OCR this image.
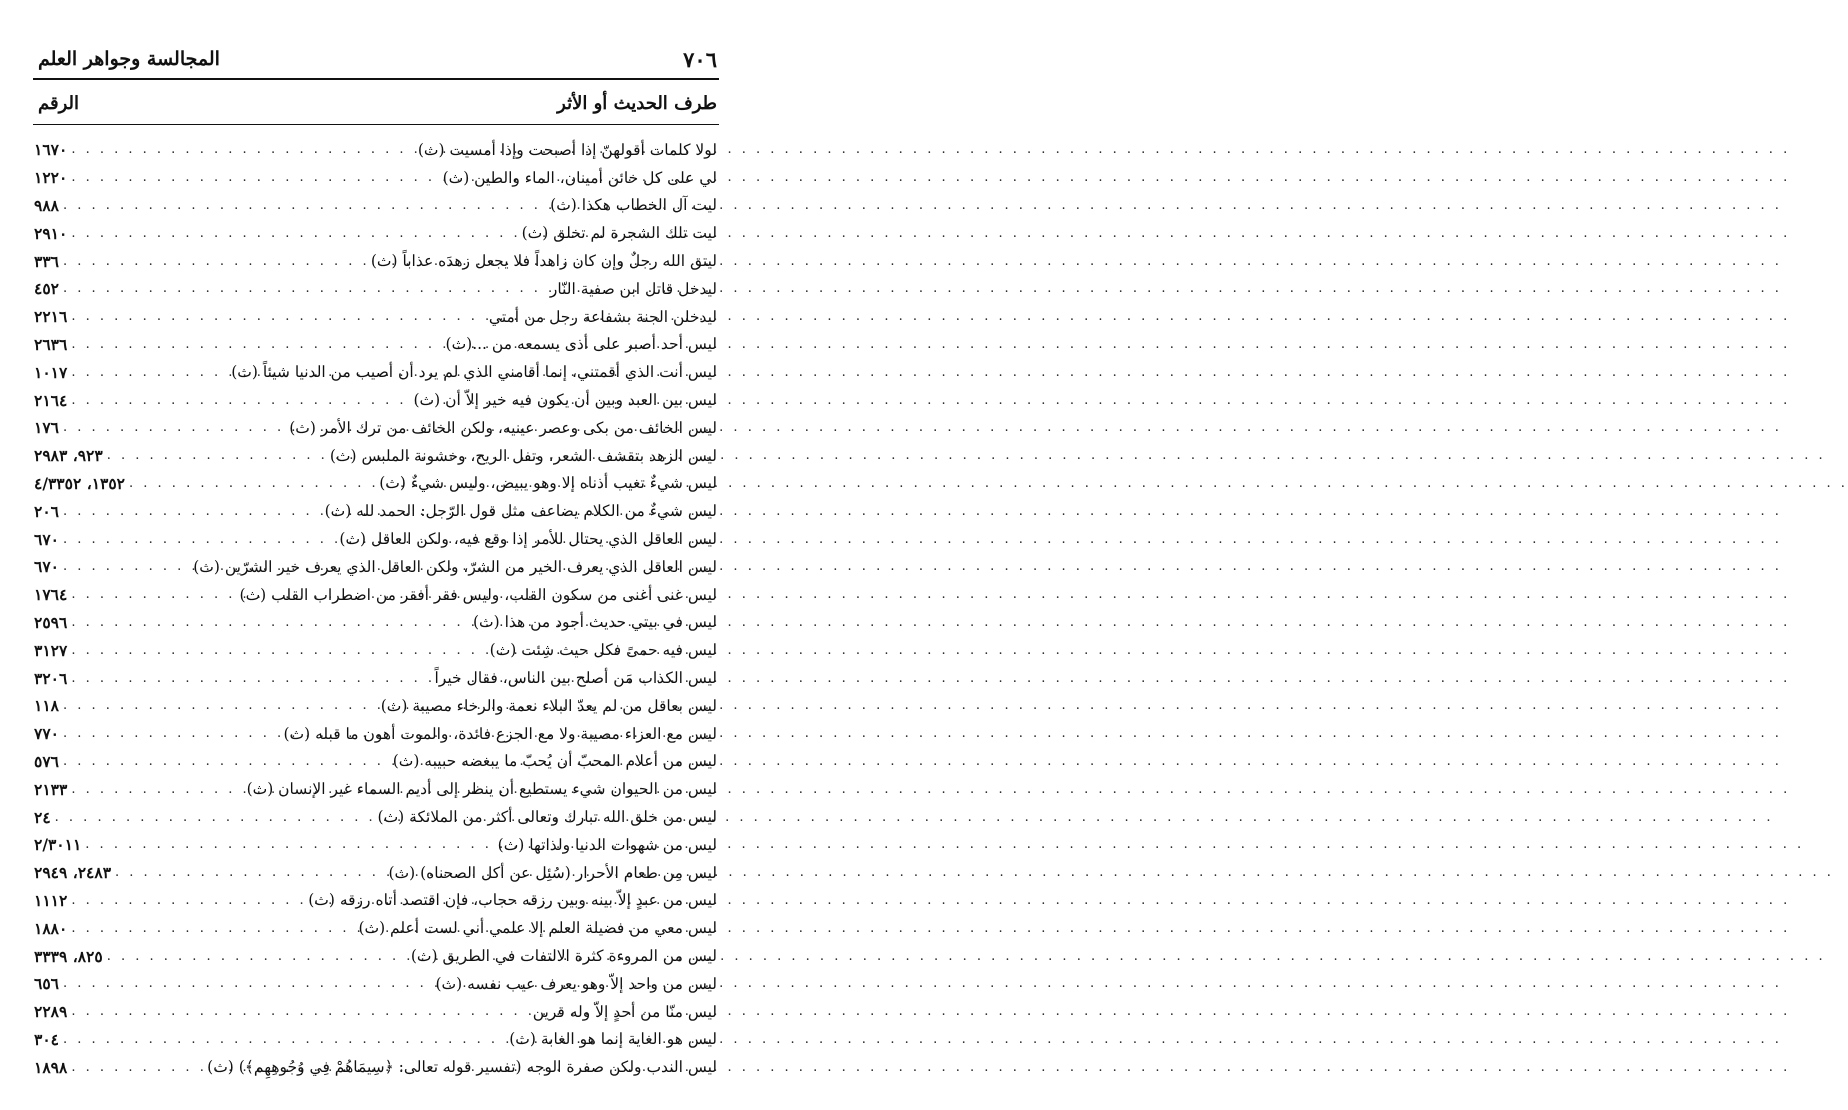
المجالسة وجواهر العلم	٧٠٦
الرقم	طرف الحديث أو الأثر
لولا كلمات أقولهنّ إذا أصبحت وإذا أمسيت (ث)
. . .
١٦٧٠
لي على كل خائن أمينان، الماء والطين (ث)
. . .
١٢٢٠
ليت آل الخطاب هكذا (ث)
. . .
٩٨٨
ليت تلك الشجرة لم تخلق (ث)
. . .
٢٩١٠
ليتق الله رجلٌ وإن كان زاهداً فلا يجعل زهدَه عذاباً (ث)
. . .
٣٣٦
ليدخل قاتل ابن صفية النّار
. . .
٤٥٢
ليدخلن الجنة بشفاعة رجل من أمتي
. . .
٢٢١٦
ليس أحد أصبر على أذى يسمعه من ...(ث)
. . .
٢٦٣٦
ليس أنت الذي أقمتني، إنما أقامني الذي لم يرد أن أصيب من الدنيا شيئاً (ث)
. . .
١٠١٧
ليس بين العبد وبين أن يكون فيه خير إلاّ أن (ث)
. . .
٢١٦٤
ليس الخائف من بكى وعصر عينيه، ولكن الخائف من ترك الأمر (ث)
. . .
١٧٦
ليس الزهد بتقشف الشعر، وتفل الريح، وخشونة الملبس (ث)
. . .
٩٢٣، ٢٩٨٣
ليس شيءٌ تغيب أذناه إلا وهو يبيض، وليس شيءٌ (ث)
. . .
١٣٥٢، ٤/٣٣٥٢
ليس شيءٌ من الكلام يضاعف مثل قول الرّجل: الحمد لله (ث)
. . .
٢٠٦
ليس العاقل الذي يحتال للأمر إذا وقع فيه، ولكن العاقل (ث)
. . .
٦٧٠
ليس العاقل الذي يعرف الخير من الشرّ، ولكن العاقل الذي يعرف خير الشرّين (ث)
. . .
٦٧٠
ليس غنى أغنى من سكون القلب، وليس فقر أفقر من اضطراب القلب (ث)
. . .
١٧٦٤
ليس في بيتي حديث أجود من هذا (ث)
. . .
٢٥٩٦
ليس فيه حمىً فكل حيث شِئت (ث)
. . .
٣١٢٧
ليس الكذاب مَن أصلح بين الناس، فقال خيراً
. . .
٣٢٠٦
ليس بعاقل من لم يعدّ البلاء نعمة والرخاء مصيبة (ث)
. . .
١١٨
ليس مع العزاء مصيبة ولا مع الجزع فائدة، والموت أهون ما قبله (ث)
. . .
٧٧٠
ليس من أعلام المحبّ أن يُحبّ ما يبغضه حبيبه (ث)
. . .
٥٧٦
ليس من الحيوان شيء يستطيع أن ينظر إلى أديم السماء غير الإنسان (ث)
. . .
٢١٣٣
ليس من خلق الله تبارك وتعالى أكثر من الملائكة (ث)
. . .
٢٤
ليس من شهوات الدنيا ولذاتها (ث)
. . .
٢/٣٠١١
ليس مِن طعام الأحرار (سُئِل عن أكل الصحناه) (ث)
. . .
٢٤٨٣، ٢٩٤٩
ليس من عبدٍ إلاّ بينه وبين رزقه حجاب، فإن اقتصد أتاه رزقه (ث)
. . .
١١١٢
ليس معي من فضيلة العلم إلا علمي أني لست أعلم (ث)
. . .
١٨٨٠
ليس من المروءة كثرة الالتفات في الطريق (ث)
. . .
٨٢٥، ٣٣٣٩
ليس من واحد إلاّ وهو يعرف عيب نفسه (ث)
. . .
٦٥٦
ليس منّا من أحدٍ إلاّ وله قرين
. . .
٢٢٨٩
ليس هو الغاية إنما هو الغابة (ث)
. . .
٣٠٤
ليس الندب ولكن صفرة الوجه (تفسير قوله تعالى: ﴿سِيمَاهُمْ فِي وُجُوهِهِم﴾) (ث)
. . .
١٨٩٨
